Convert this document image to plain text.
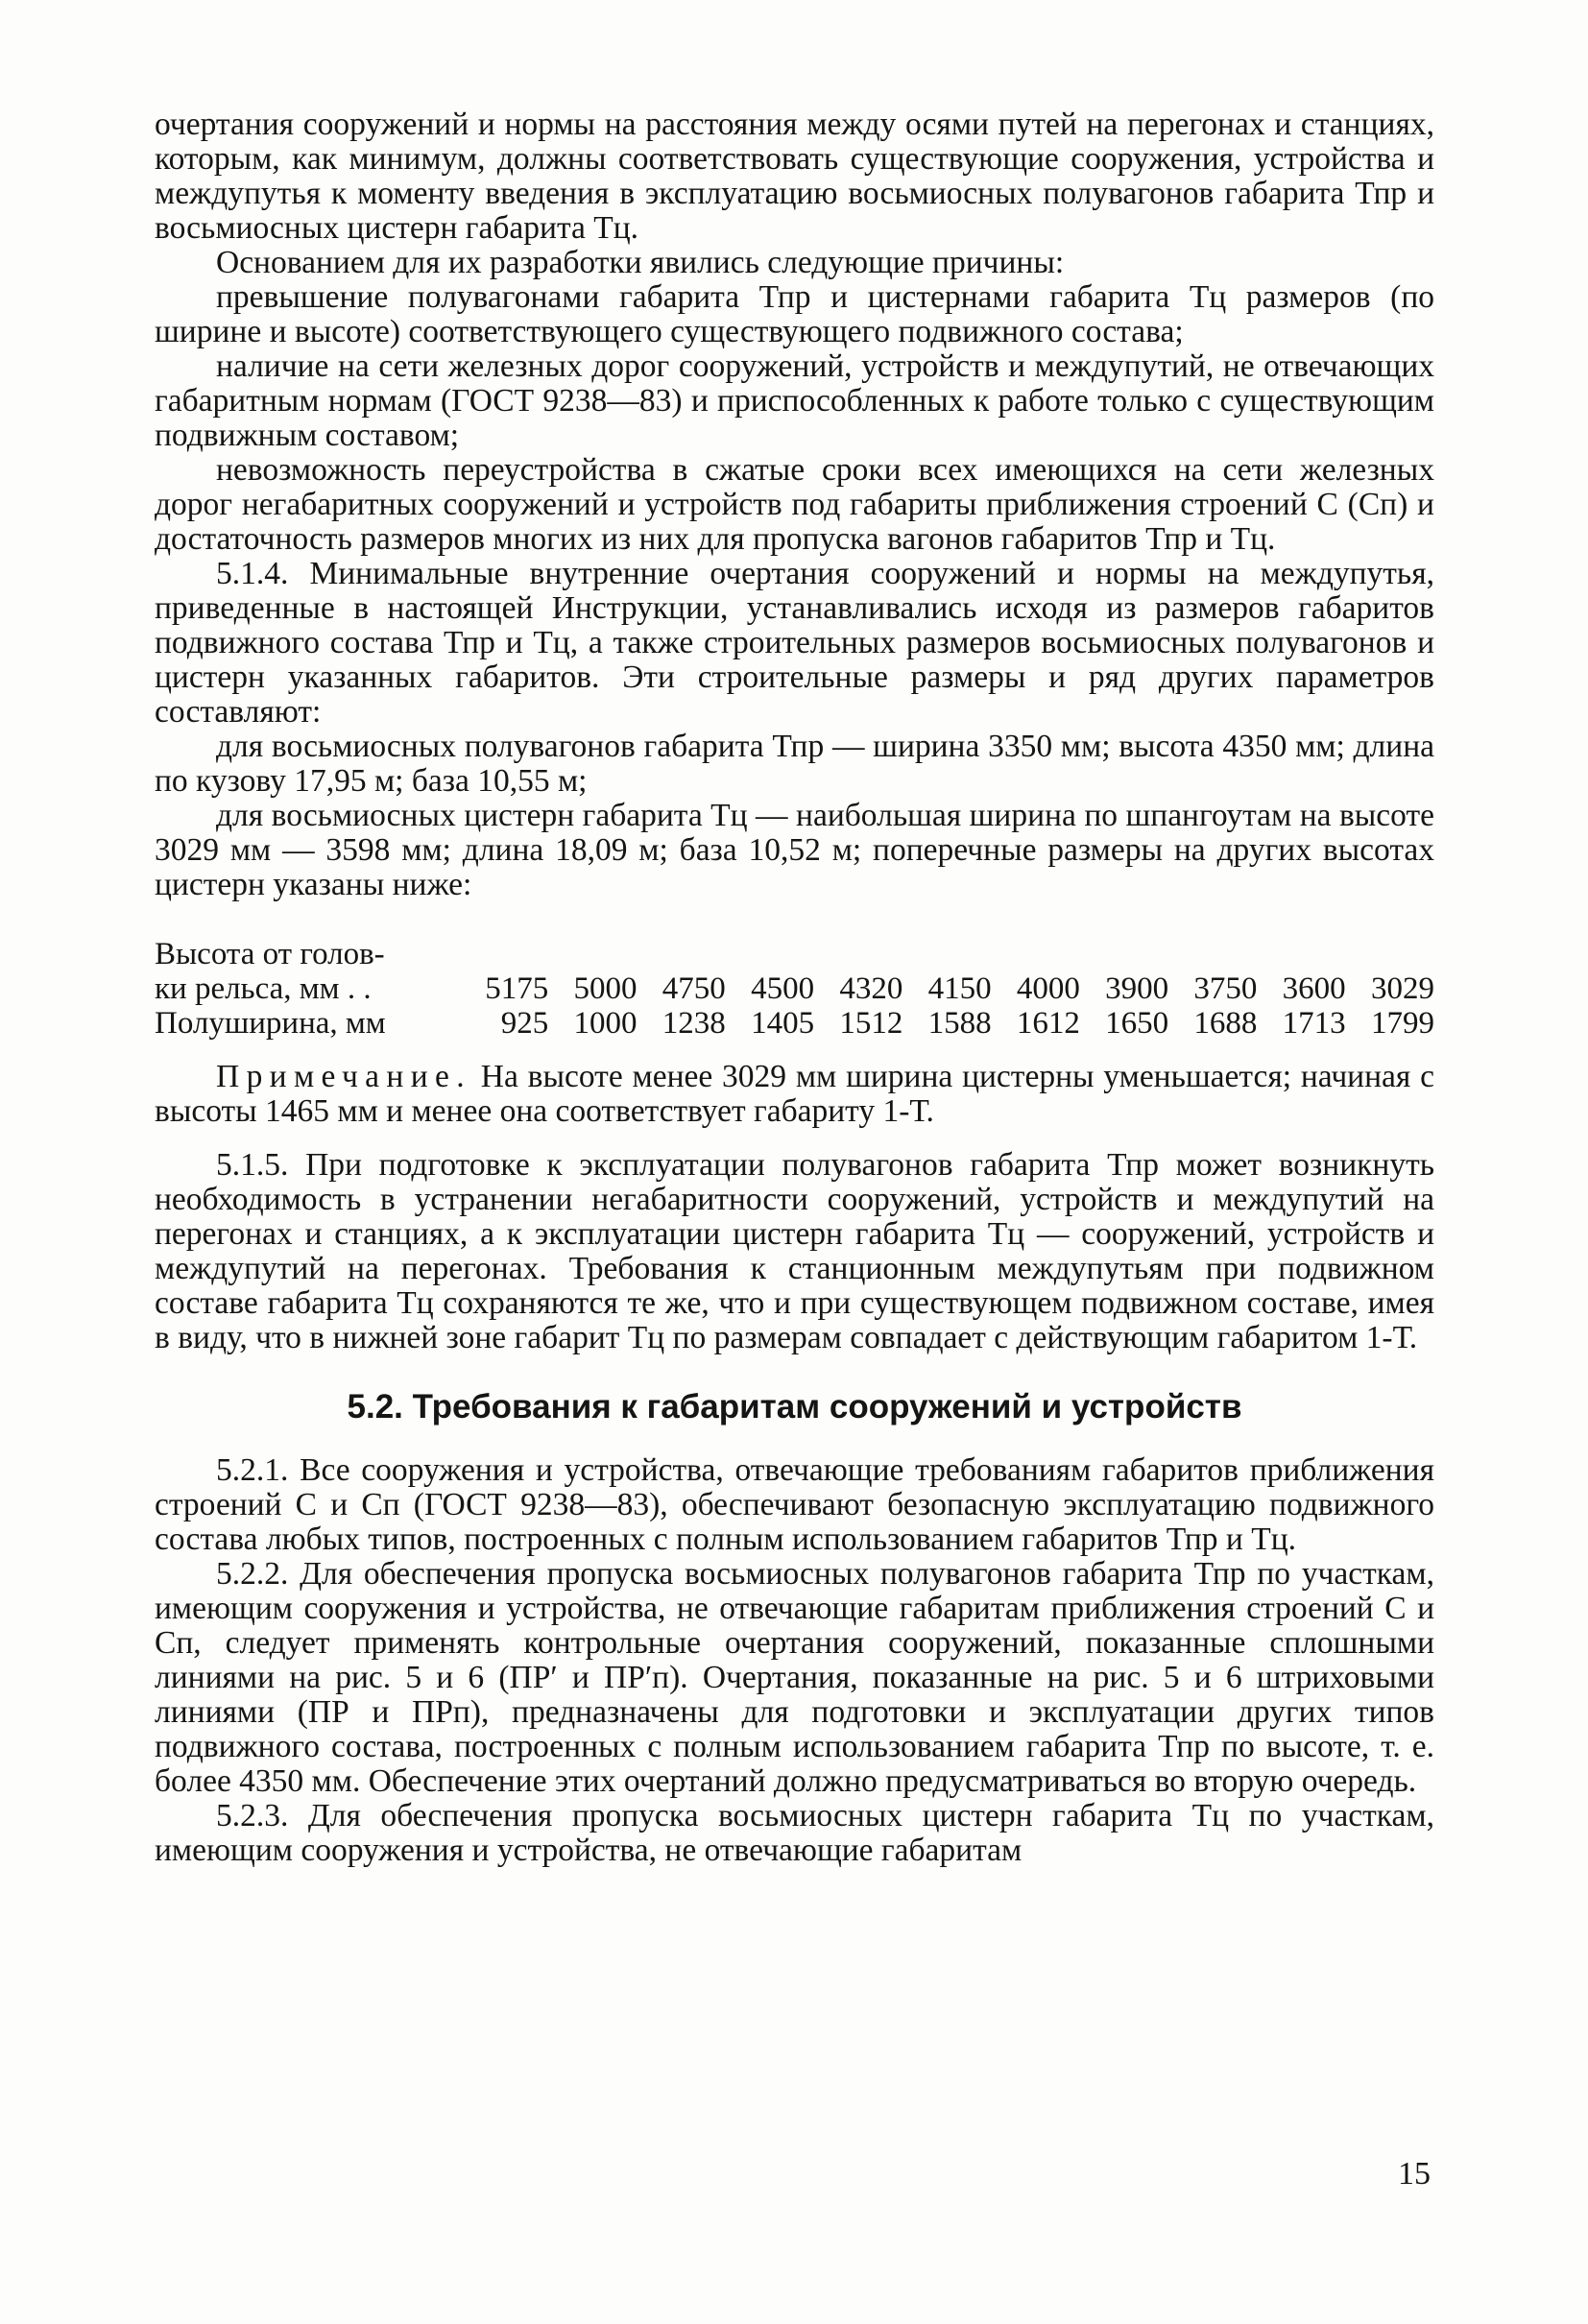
очертания сооружений и нормы на расстояния между осями путей на перегонах и станциях, которым, как минимум, должны соответствовать существующие сооружения, устройства и междупутья к моменту введения в эксплуатацию восьмиосных полувагонов габарита Тпр и восьмиосных цистерн габарита Тц.

Основанием для их разработки явились следующие причины:

превышение полувагонами габарита Тпр и цистернами габарита Тц размеров (по ширине и высоте) соответствующего существующего подвижного состава;

наличие на сети железных дорог сооружений, устройств и междупутий, не отвечающих габаритным нормам (ГОСТ 9238—83) и приспособленных к работе только с существующим подвижным составом;

невозможность переустройства в сжатые сроки всех имеющихся на сети железных дорог негабаритных сооружений и устройств под габариты приближения строений С (Сп) и достаточность размеров многих из них для пропуска вагонов габаритов Тпр и Тц.

5.1.4. Минимальные внутренние очертания сооружений и нормы на междупутья, приведенные в настоящей Инструкции, устанавливались исходя из размеров габаритов подвижного состава Тпр и Тц, а также строительных размеров восьмиосных полувагонов и цистерн указанных габаритов. Эти строительные размеры и ряд других параметров составляют:

для восьмиосных полувагонов габарита Тпр — ширина 3350 мм; высота 4350 мм; длина по кузову 17,95 м; база 10,55 м;

для восьмиосных цистерн габарита Тц — наибольшая ширина по шпангоутам на высоте 3029 мм — 3598 мм; длина 18,09 м; база 10,52 м; поперечные размеры на других высотах цистерн указаны ниже:

Высота от голов-											
ки рельса, мм . .	5175	5000	4750	4500	4320	4150	4000	3900	3750	3600	3029
Полуширина, мм	925	1000	1238	1405	1512	1588	1612	1650	1688	1713	1799

Примечание. На высоте менее 3029 мм ширина цистерны уменьшается; начиная с высоты 1465 мм и менее она соответствует габариту 1-Т.

5.1.5. При подготовке к эксплуатации полувагонов габарита Тпр может возникнуть необходимость в устранении негабаритности сооружений, устройств и междупутий на перегонах и станциях, а к эксплуатации цистерн габарита Тц — сооружений, устройств и междупутий на перегонах. Требования к станционным междупутьям при подвижном составе габарита Тц сохраняются те же, что и при существующем подвижном составе, имея в виду, что в нижней зоне габарит Тц по размерам совпадает с действующим габаритом 1-Т.

5.2. Требования к габаритам сооружений и устройств

5.2.1. Все сооружения и устройства, отвечающие требованиям габаритов приближения строений С и Сп (ГОСТ 9238—83), обеспечивают безопасную эксплуатацию подвижного состава любых типов, построенных с полным использованием габаритов Тпр и Тц.

5.2.2. Для обеспечения пропуска восьмиосных полувагонов габарита Тпр по участкам, имеющим сооружения и устройства, не отвечающие габаритам приближения строений С и Сп, следует применять контрольные очертания сооружений, показанные сплошными линиями на рис. 5 и 6 (ПР′ и ПР′п). Очертания, показанные на рис. 5 и 6 штриховыми линиями (ПР и ПРп), предназначены для подготовки и эксплуатации других типов подвижного состава, построенных с полным использованием габарита Тпр по высоте, т. е. более 4350 мм. Обеспечение этих очертаний должно предусматриваться во вторую очередь.

5.2.3. Для обеспечения пропуска восьмиосных цистерн габарита Тц по участкам, имеющим сооружения и устройства, не отвечающие габаритам

15
